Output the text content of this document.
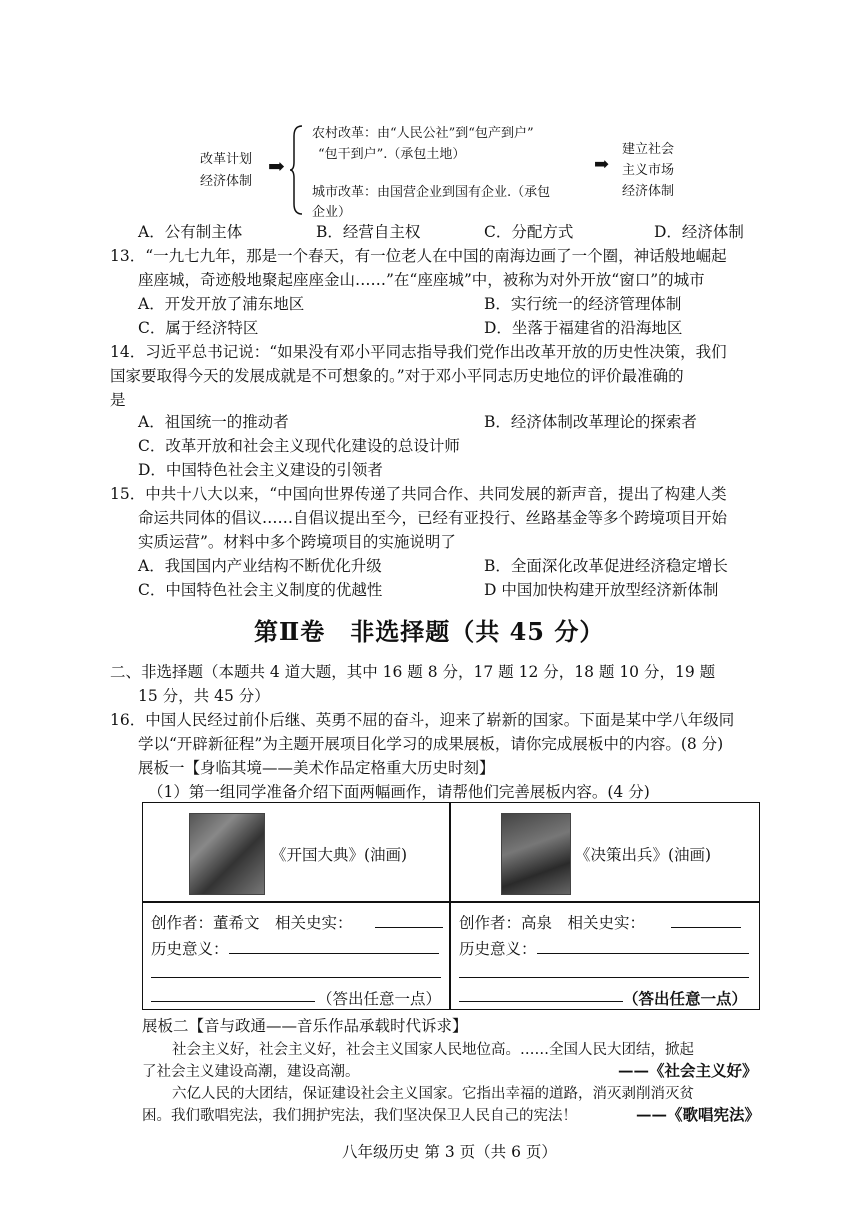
改革计划
经济体制
➡
农村改革：由“人民公社”到“包产到户”
“包干到户”.（承包土地）
城市改革：由国营企业到国有企业.（承包
企业）
➡
建立社会
主义市场
经济体制
A．公有制主体	B．经营自主权	C．分配方式	D．经济体制
13．“一九七九年，那是一个春天，有一位老人在中国的南海边画了一个圈，神话般地崛起
座座城，奇迹般地聚起座座金山……”在“座座城”中，被称为对外开放“窗口”的城市
A．开发开放了浦东地区	B．实行统一的经济管理体制
C．属于经济特区	D．坐落于福建省的沿海地区
14．习近平总书记说：“如果没有邓小平同志指导我们党作出改革开放的历史性决策，我们
国家要取得今天的发展成就是不可想象的。”对于邓小平同志历史地位的评价最准确的
是
A．祖国统一的推动者	B．经济体制改革理论的探索者
C．改革开放和社会主义现代化建设的总设计师
D．中国特色社会主义建设的引领者
15．中共十八大以来，“中国向世界传递了共同合作、共同发展的新声音，提出了构建人类
命运共同体的倡议……自倡议提出至今，已经有亚投行、丝路基金等多个跨境项目开始
实质运营”。材料中多个跨境项目的实施说明了
A．我国国内产业结构不断优化升级	B．全面深化改革促进经济稳定增长
C．中国特色社会主义制度的优越性	D 中国加快构建开放型经济新体制
第Ⅱ卷　非选择题（共 45 分）
二、非选择题（本题共 4 道大题，其中 16 题 8 分，17 题 12 分，18 题 10 分，19 题
15 分，共 45 分）
16．中国人民经过前仆后继、英勇不屈的奋斗，迎来了崭新的国家。下面是某中学八年级同
学以“开辟新征程”为主题开展项目化学习的成果展板，请你完成展板中的内容。(8 分)
展板一【身临其境——美术作品定格重大历史时刻】
（1）第一组同学准备介绍下面两幅画作，请帮他们完善展板内容。(4 分)
《开国大典》(油画)	《决策出兵》(油画)
创作者：董希文　相关史实：
历史意义：
（答出任意一点）
创作者：高泉　相关史实：
历史意义：
（答出任意一点）
展板二【音与政通——音乐作品承载时代诉求】
社会主义好，社会主义好，社会主义国家人民地位高。……全国人民大团结，掀起
了社会主义建设高潮，建设高潮。	——《社会主义好》
六亿人民的大团结，保证建设社会主义国家。它指出幸福的道路，消灭剥削消灭贫
困。我们歌唱宪法，我们拥护宪法，我们坚决保卫人民自己的宪法！	——《歌唱宪法》
八年级历史 第 3 页（共 6 页）
